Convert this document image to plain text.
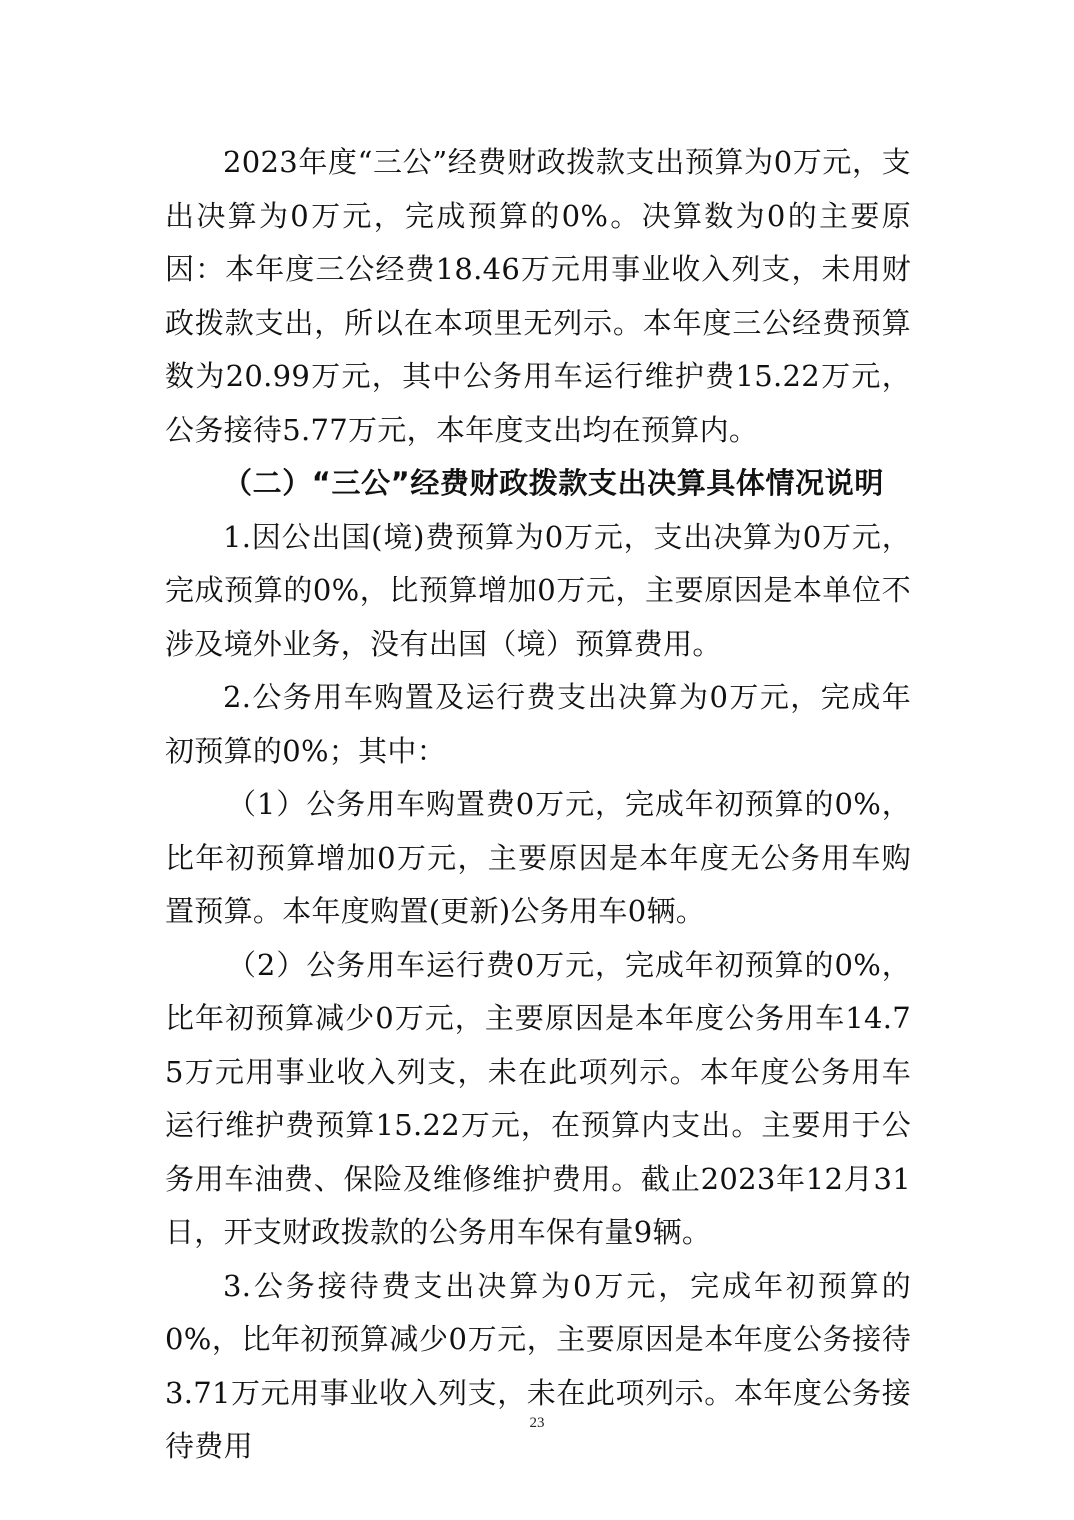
2023年度“三公”经费财政拨款支出预算为0万元，支出决算为0万元，完成预算的0%。决算数为0的主要原因：本年度三公经费18.46万元用事业收入列支，未用财政拨款支出，所以在本项里无列示。本年度三公经费预算数为20.99万元，其中公务用车运行维护费15.22万元，公务接待5.77万元，本年度支出均在预算内。

（二）“三公”经费财政拨款支出决算具体情况说明

1.因公出国(境)费预算为0万元，支出决算为0万元，完成预算的0%，比预算增加0万元，主要原因是本单位不涉及境外业务，没有出国（境）预算费用。

2.公务用车购置及运行费支出决算为0万元，完成年初预算的0%；其中：

（1）公务用车购置费0万元，完成年初预算的0%，比年初预算增加0万元，主要原因是本年度无公务用车购置预算。本年度购置(更新)公务用车0辆。

（2）公务用车运行费0万元，完成年初预算的0%，比年初预算减少0万元，主要原因是本年度公务用车14.75万元用事业收入列支，未在此项列示。本年度公务用车运行维护费预算15.22万元，在预算内支出。主要用于公务用车油费、保险及维修维护费用。截止2023年12月31日，开支财政拨款的公务用车保有量9辆。

3.公务接待费支出决算为0万元，完成年初预算的0%，比年初预算减少0万元，主要原因是本年度公务接待3.71万元用事业收入列支，未在此项列示。本年度公务接待费用

23
